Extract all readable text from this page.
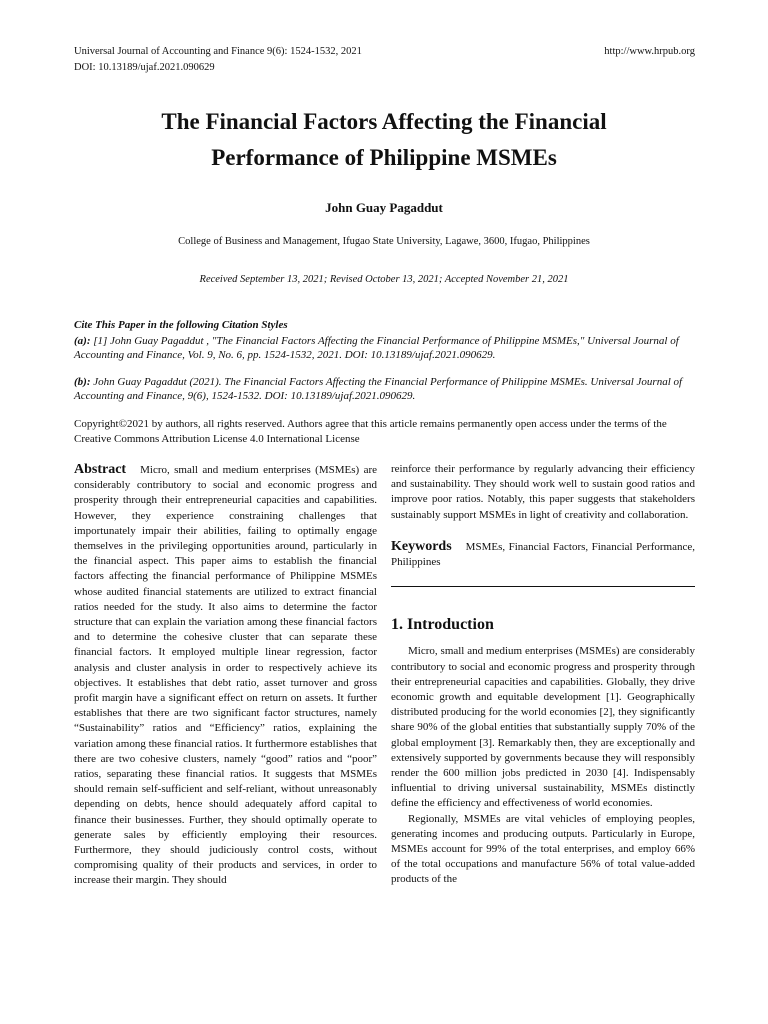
Universal Journal of Accounting and Finance 9(6): 1524-1532, 2021
DOI: 10.13189/ujaf.2021.090629
http://www.hrpub.org
The Financial Factors Affecting the Financial
Performance of Philippine MSMEs
John Guay Pagaddut
College of Business and Management, Ifugao State University, Lagawe, 3600, Ifugao, Philippines
Received September 13, 2021; Revised October 13, 2021; Accepted November 21, 2021

Cite This Paper in the following Citation Styles

(a): [1] John Guay Pagaddut , "The Financial Factors Affecting the Financial Performance of Philippine MSMEs," Universal Journal of Accounting and Finance, Vol. 9, No. 6, pp. 1524-1532, 2021. DOI: 10.13189/ujaf.2021.090629.

(b): John Guay Pagaddut (2021). The Financial Factors Affecting the Financial Performance of Philippine MSMEs. Universal Journal of Accounting and Finance, 9(6), 1524-1532. DOI: 10.13189/ujaf.2021.090629.

Copyright©2021 by authors, all rights reserved. Authors agree that this article remains permanently open access under the terms of the Creative Commons Attribution License 4.0 International License

Abstract Micro, small and medium enterprises (MSMEs) are considerably contributory to social and economic progress and prosperity through their entrepreneurial capacities and capabilities. However, they experience constraining challenges that importunately impair their abilities, failing to optimally engage themselves in the privileging opportunities around, particularly in the financial aspect. This paper aims to establish the financial factors affecting the financial performance of Philippine MSMEs whose audited financial statements are utilized to extract financial ratios needed for the study. It also aims to determine the factor structure that can explain the variation among these financial factors and to determine the cohesive cluster that can separate these financial factors. It employed multiple linear regression, factor analysis and cluster analysis in order to respectively achieve its objectives. It establishes that debt ratio, asset turnover and gross profit margin have a significant effect on return on assets. It further establishes that there are two significant factor structures, namely “Sustainability” ratios and “Efficiency” ratios, explaining the variation among these financial ratios. It furthermore establishes that there are two cohesive clusters, namely “good” ratios and “poor” ratios, separating these financial ratios. It suggests that MSMEs should remain self-sufficient and self-reliant, without unreasonably depending on debts, hence should adequately afford capital to finance their businesses. Further, they should optimally operate to generate sales by efficiently employing their resources. Furthermore, they should judiciously control costs, without compromising quality of their products and services, in order to increase their margin. They should

reinforce their performance by regularly advancing their efficiency and sustainability. They should work well to sustain good ratios and improve poor ratios. Notably, this paper suggests that stakeholders sustainably support MSMEs in light of creativity and collaboration.

Keywords MSMEs, Financial Factors, Financial Performance, Philippines

1. Introduction

Micro, small and medium enterprises (MSMEs) are considerably contributory to social and economic progress and prosperity through their entrepreneurial capacities and capabilities. Globally, they drive economic growth and equitable development [1]. Geographically distributed producing for the world economies [2], they significantly share 90% of the global entities that substantially supply 70% of the global employment [3]. Remarkably then, they are exceptionally and extensively supported by governments because they will responsibly render the 600 million jobs predicted in 2030 [4]. Indispensably influential to driving universal sustainability, MSMEs distinctly define the efficiency and effectiveness of world economies.

Regionally, MSMEs are vital vehicles of employing peoples, generating incomes and producing outputs. Particularly in Europe, MSMEs account for 99% of the total enterprises, and employ 66% of the total occupations and manufacture 56% of total value-added products of the
